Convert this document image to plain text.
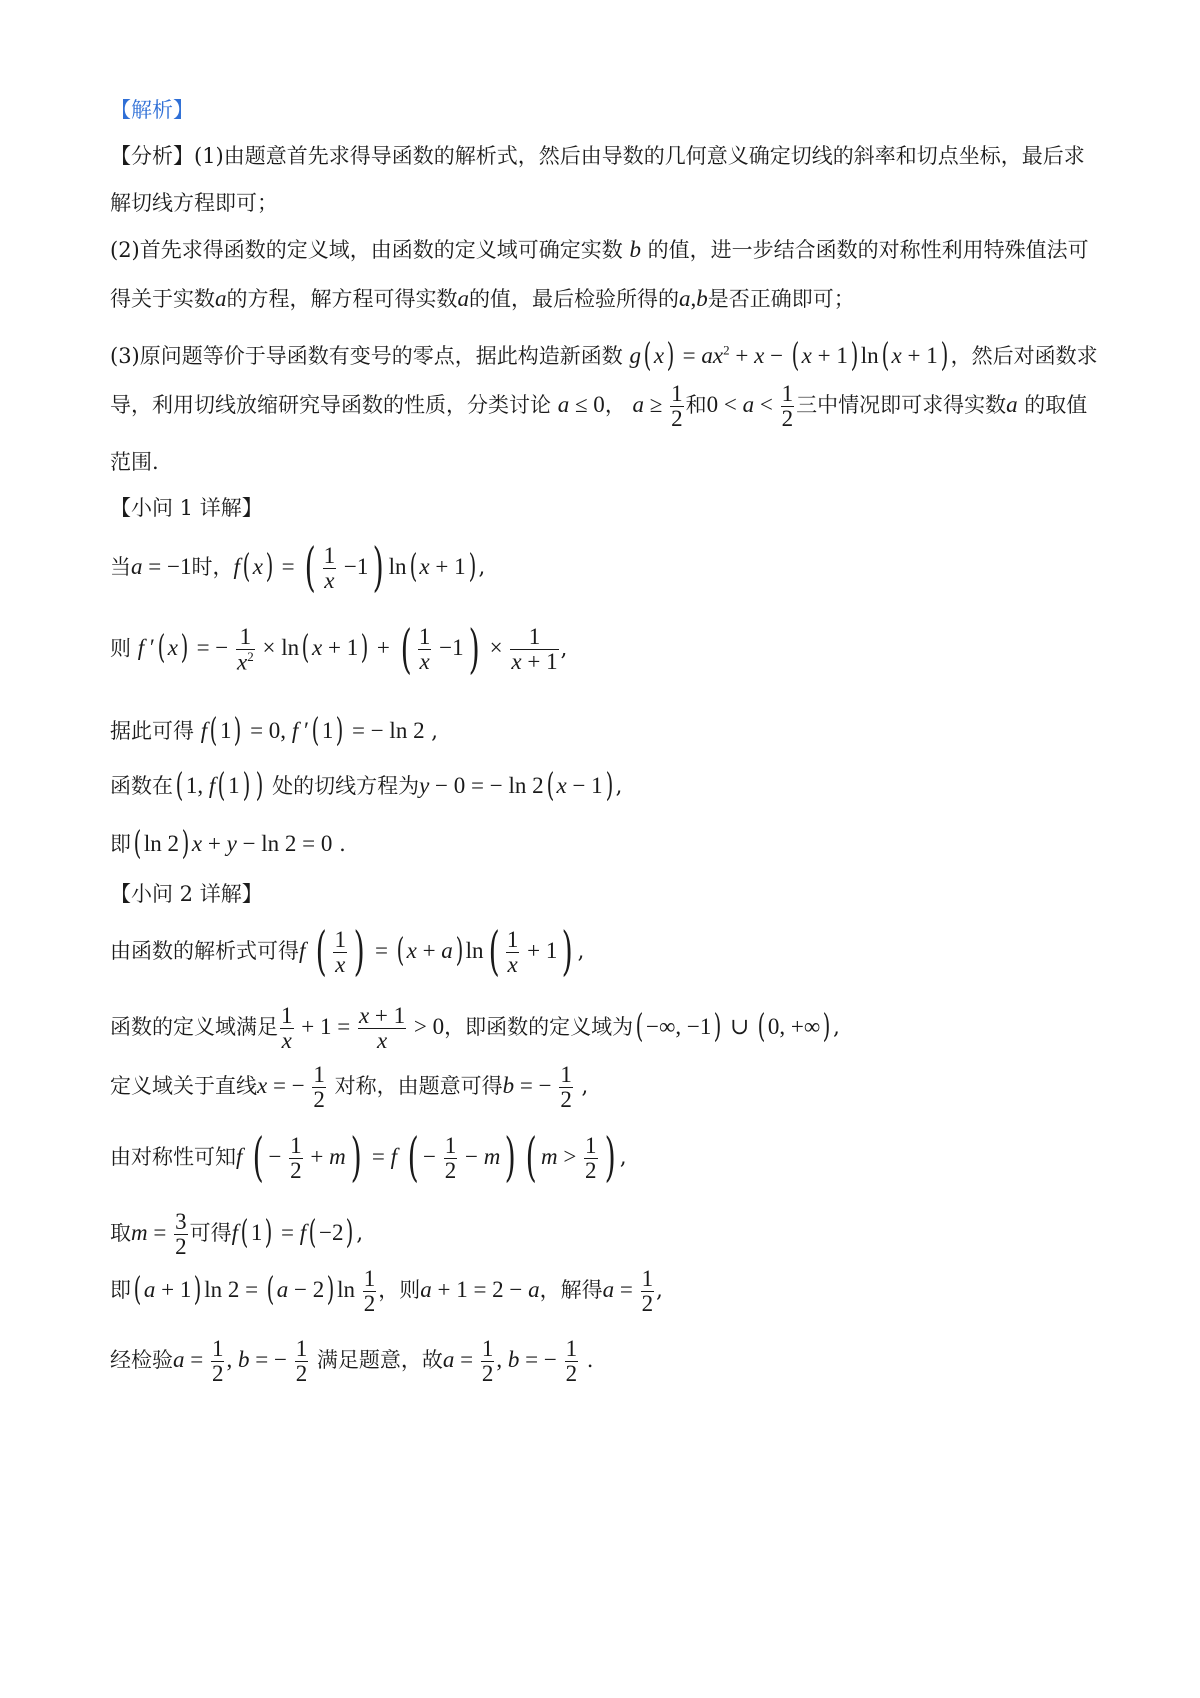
【解析】
【分析】(1)由题意首先求得导函数的解析式，然后由导数的几何意义确定切线的斜率和切点坐标，最后求
解切线方程即可；
(2)首先求得函数的定义域，由函数的定义域可确定实数 b 的值，进一步结合函数的对称性利用特殊值法可
得关于实数a的方程，解方程可得实数a的值，最后检验所得的a,b是否正确即可；
(3)原问题等价于导函数有变号的零点，据此构造新函数 g( $x) = ax^2 + x$ − ( x + 1) ln( x + 1) ，然后对函数求
导，利用切线放缩研究导函数的性质，分类讨论 a ≤ 0， $a \ge \frac{1}{2}$ 和$0 < a < \frac{1}{2}$ 三中情况即可求得实数a 的取值
范围.
【小问 1 详解】
当a = −1时，f( x) = ( $\frac{1}{x} -1$) ln( x + 1) ,
则 f ′( x) = − $\frac{1}{x^2} \times \ln$( x + 1) + ( $\frac{1}{x} -1) \times \frac{1}{x + 1}$ ,
据此可得 f( 1) = 0, f ′( 1) = − ln 2 ,
函数在( 1, f( 1) ) 处的切线方程为y − 0 = − ln 2( x − 1) ,
即( ln 2) x + y − ln 2 = 0 .
【小问 2 详解】
由函数的解析式可得f ( $\frac{1}{x}$ ) = ( x + a) $\ln( \frac{1}{x} + 1)$ ,
函数的定义域满足 $\frac{1}{x} + 1 = \frac{x + 1}{x} > 0$，即函数的定义域为( −∞, −1) ∪ ( 0, +∞) ,
定义域关于直线x = − $\frac{1}{2}$ 对称，由题意可得b = − $\frac{1}{2}$ ,
由对称性可知f ( − $\frac{1}{2} + m) = f$ ( − $\frac{1}{2} - m$) ( $m > \frac{1}{2}$ ) ,
取$m = \frac{3}{2}$ 可得f( 1) = f( −2) ,
即( a + 1) ln 2 = ( a − 2) $\ln \frac{1}{2}$ ，则a + 1 = 2 − a，解得$a = \frac{1}{2}$ ,
经检验$a = \frac{1}{2}$ , b = − $\frac{1}{2}$ 满足题意，故$a = \frac{1}{2}$ , b = − $\frac{1}{2}$ .
